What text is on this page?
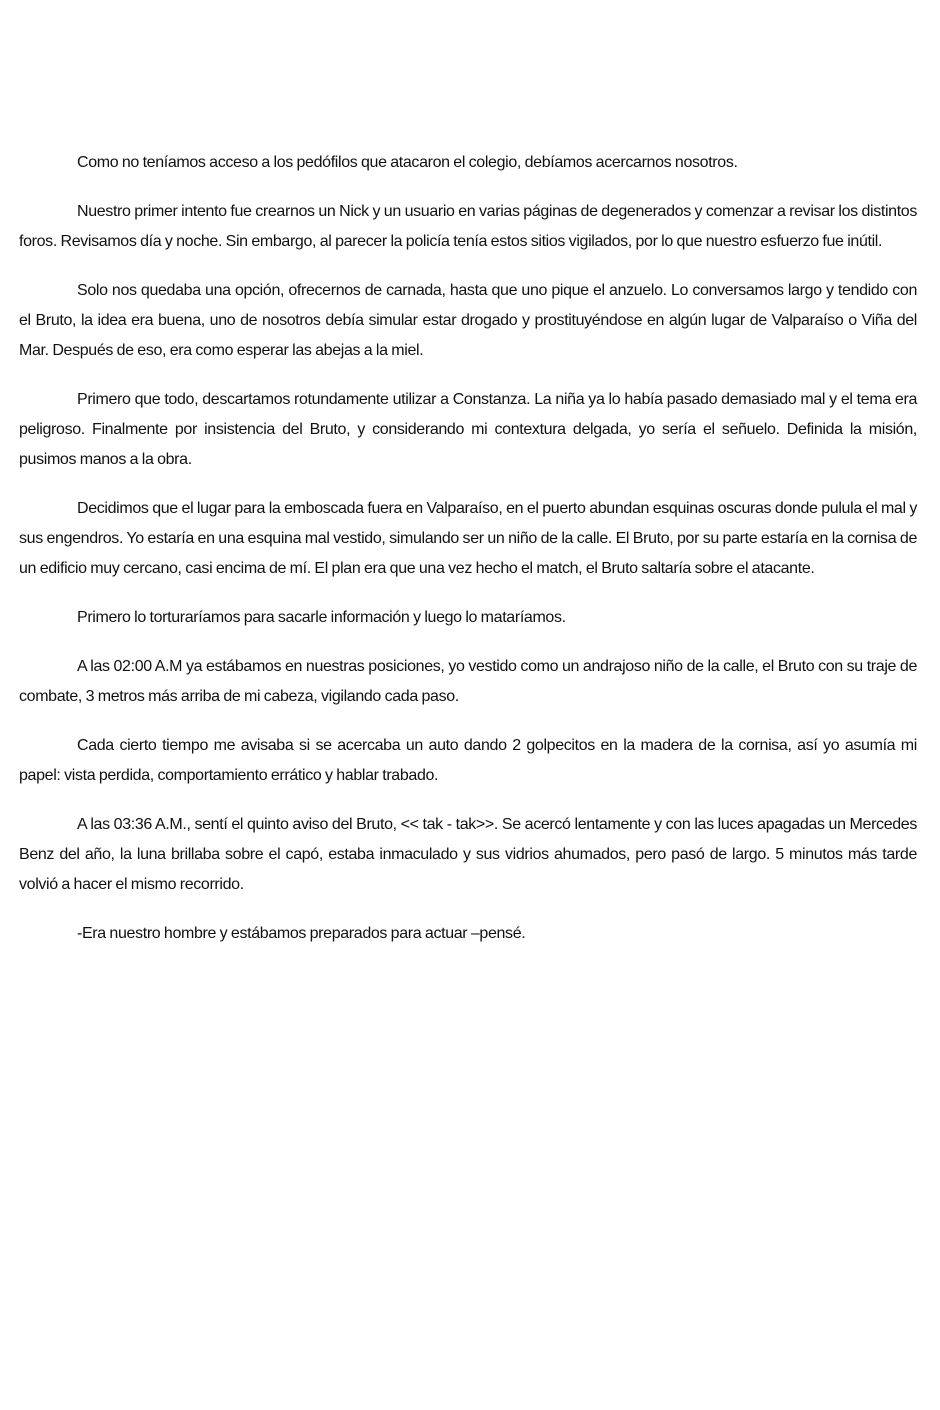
Como no teníamos acceso a los pedófilos que atacaron el colegio, debíamos acercarnos nosotros.

Nuestro primer intento fue crearnos un Nick y un usuario en varias páginas de degenerados y comenzar a revisar los distintos foros. Revisamos día y noche. Sin embargo, al parecer la policía tenía estos sitios vigilados, por lo que nuestro esfuerzo fue inútil.

Solo nos quedaba una opción, ofrecernos de carnada, hasta que uno pique el anzuelo. Lo conversamos largo y tendido con el Bruto, la idea era buena, uno de nosotros debía simular estar drogado y prostituyéndose en algún lugar de Valparaíso o Viña del Mar. Después de eso, era como esperar las abejas a la miel.

Primero que todo, descartamos rotundamente utilizar a Constanza. La niña ya lo había pasado demasiado mal y el tema era peligroso. Finalmente por insistencia del Bruto, y considerando mi contextura delgada, yo sería el señuelo. Definida la misión, pusimos manos a la obra.

Decidimos que el lugar para la emboscada fuera en Valparaíso, en el puerto abundan esquinas oscuras donde pulula el mal y sus engendros. Yo estaría en una esquina mal vestido, simulando ser un niño de la calle. El Bruto, por su parte estaría en la cornisa de un edificio muy cercano, casi encima de mí. El plan era que una vez hecho el match, el Bruto saltaría sobre el atacante.

Primero lo torturaríamos para sacarle información y luego lo mataríamos.

A las 02:00 A.M ya estábamos en nuestras posiciones, yo vestido como un andrajoso niño de la calle, el Bruto con su traje de combate, 3 metros más arriba de mi cabeza, vigilando cada paso.

Cada cierto tiempo me avisaba si se acercaba un auto dando 2 golpecitos en la madera de la cornisa, así yo asumía mi papel: vista perdida, comportamiento errático y hablar trabado.

A las 03:36 A.M., sentí el quinto aviso del Bruto, << tak - tak>>. Se acercó lentamente y con las luces apagadas un Mercedes Benz del año, la luna brillaba sobre el capó, estaba inmaculado y sus vidrios ahumados, pero pasó de largo. 5 minutos más tarde volvió a hacer el mismo recorrido.

-Era nuestro hombre y estábamos preparados para actuar –pensé.
